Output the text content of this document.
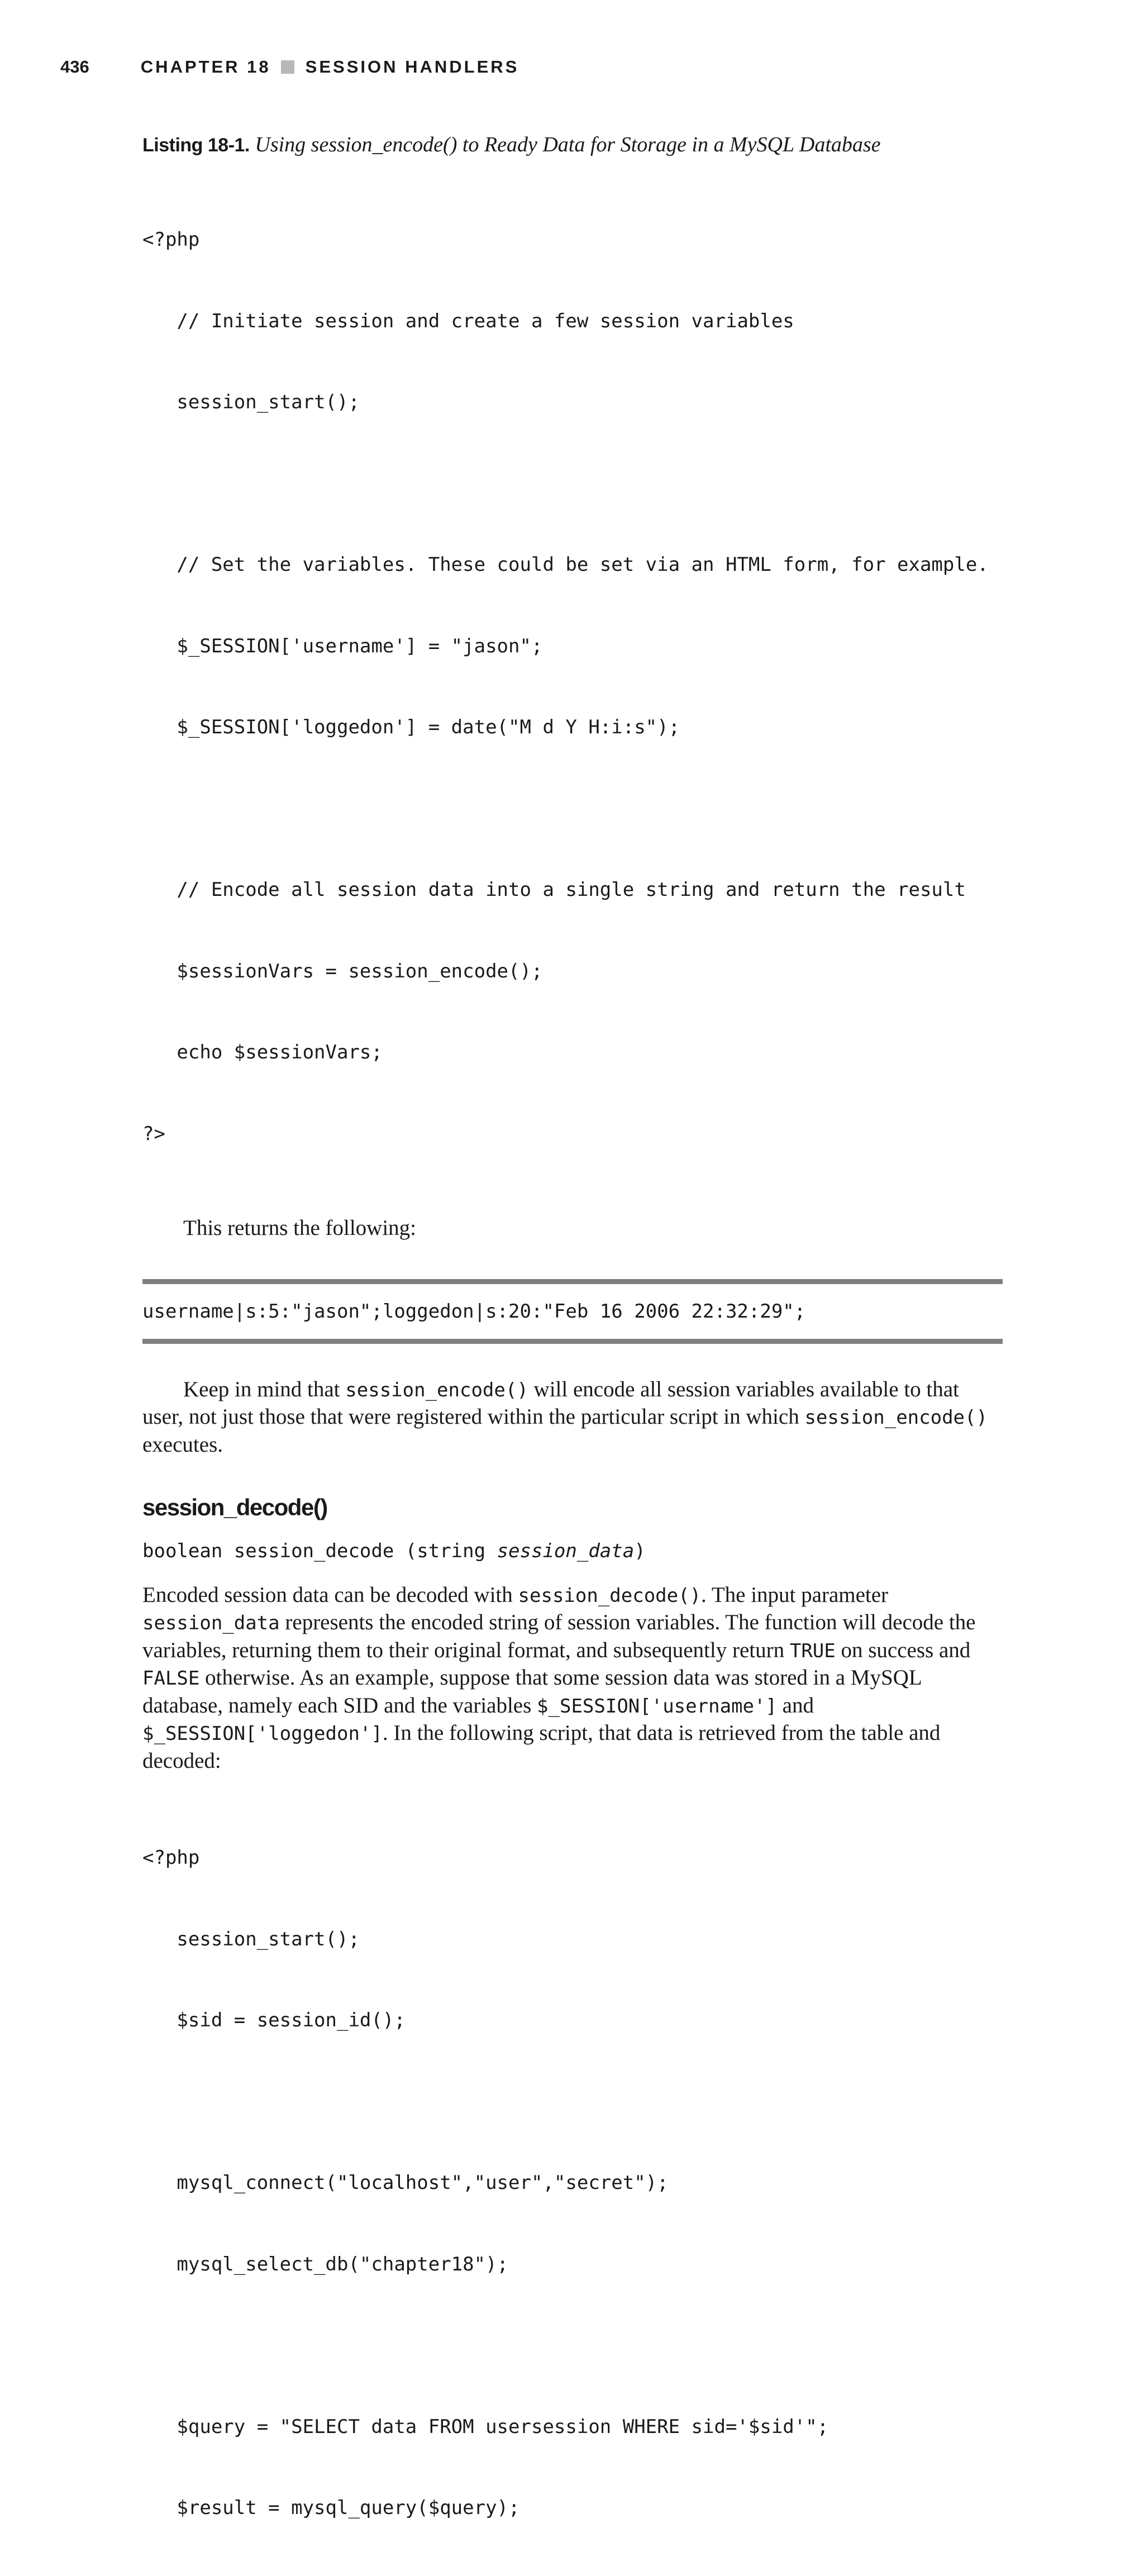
436	CHAPTER 18 SESSION HANDLERS

Listing 18-1. Using session_encode() to Ready Data for Storage in a MySQL Database

<?php

// Initiate session and create a few session variables

session_start();

// Set the variables. These could be set via an HTML form, for example.

$_SESSION['username'] = "jason";

$_SESSION['loggedon'] = date("M d Y H:i:s");

// Encode all session data into a single string and return the result

$sessionVars = session_encode();

echo $sessionVars;

?>

This returns the following:

username|s:5:"jason";loggedon|s:20:"Feb 16 2006 22:32:29";

Keep in mind that session_encode() will encode all session variables available to that user, not just those that were registered within the particular script in which session_encode() executes.

session_decode()

boolean session_decode (string session_data)

Encoded session data can be decoded with session_decode(). The input parameter session_data represents the encoded string of session variables. The function will decode the variables, returning them to their original format, and subsequently return TRUE on success and FALSE otherwise. As an example, suppose that some session data was stored in a MySQL database, namely each SID and the variables $_SESSION['username'] and $_SESSION['loggedon']. In the following script, that data is retrieved from the table and decoded:

<?php

session_start();

$sid = session_id();

mysql_connect("localhost","user","secret");

mysql_select_db("chapter18");

$query = "SELECT data FROM usersession WHERE sid='$sid'";

$result = mysql_query($query);
